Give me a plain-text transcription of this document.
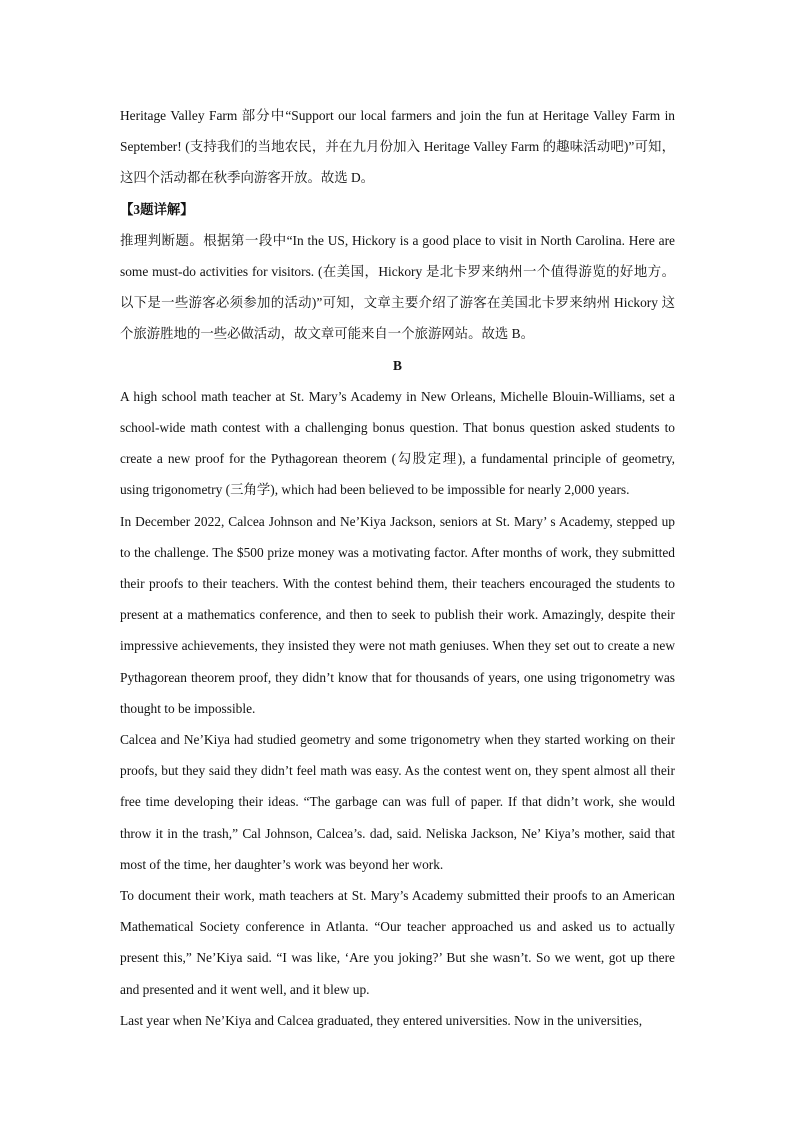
Heritage Valley Farm 部分中“Support our local farmers and join the fun at Heritage Valley Farm in September! (支持我们的当地农民，并在九月份加入 Heritage Valley Farm 的趣味活动吧)”可知，这四个活动都在秋季向游客开放。故选 D。

【3题详解】

推理判断题。根据第一段中“In the US, Hickory is a good place to visit in North Carolina. Here are some must-do activities for visitors. (在美国，Hickory 是北卡罗来纳州一个值得游览的好地方。以下是一些游客必须参加的活动)”可知，文章主要介绍了游客在美国北卡罗来纳州 Hickory 这个旅游胜地的一些必做活动，故文章可能来自一个旅游网站。故选 B。

B

A high school math teacher at St. Mary’s Academy in New Orleans, Michelle Blouin-Williams, set a school-wide math contest with a challenging bonus question. That bonus question asked students to create a new proof for the Pythagorean theorem (勾股定理), a fundamental principle of geometry, using trigonometry (三角学), which had been believed to be impossible for nearly 2,000 years.

In December 2022, Calcea Johnson and Ne’Kiya Jackson, seniors at St. Mary’ s Academy, stepped up to the challenge. The $500 prize money was a motivating factor. After months of work, they submitted their proofs to their teachers. With the contest behind them, their teachers encouraged the students to present at a mathematics conference, and then to seek to publish their work. Amazingly, despite their impressive achievements, they insisted they were not math geniuses. When they set out to create a new Pythagorean theorem proof, they didn’t know that for thousands of years, one using trigonometry was thought to be impossible.

Calcea and Ne’Kiya had studied geometry and some trigonometry when they started working on their proofs, but they said they didn’t feel math was easy. As the contest went on, they spent almost all their free time developing their ideas. “The garbage can was full of paper. If that didn’t work, she would throw it in the trash,” Cal Johnson, Calcea’s. dad, said. Neliska Jackson, Ne’ Kiya’s mother, said that most of the time, her daughter’s work was beyond her work.

To document their work, math teachers at St. Mary’s Academy submitted their proofs to an American Mathematical Society conference in Atlanta. “Our teacher approached us and asked us to actually present this,” Ne’Kiya said. “I was like, ‘Are you joking?’ But she wasn’t. So we went, got up there and presented and it went well, and it blew up.

Last year when Ne’Kiya and Calcea graduated, they entered universities. Now in the universities,
